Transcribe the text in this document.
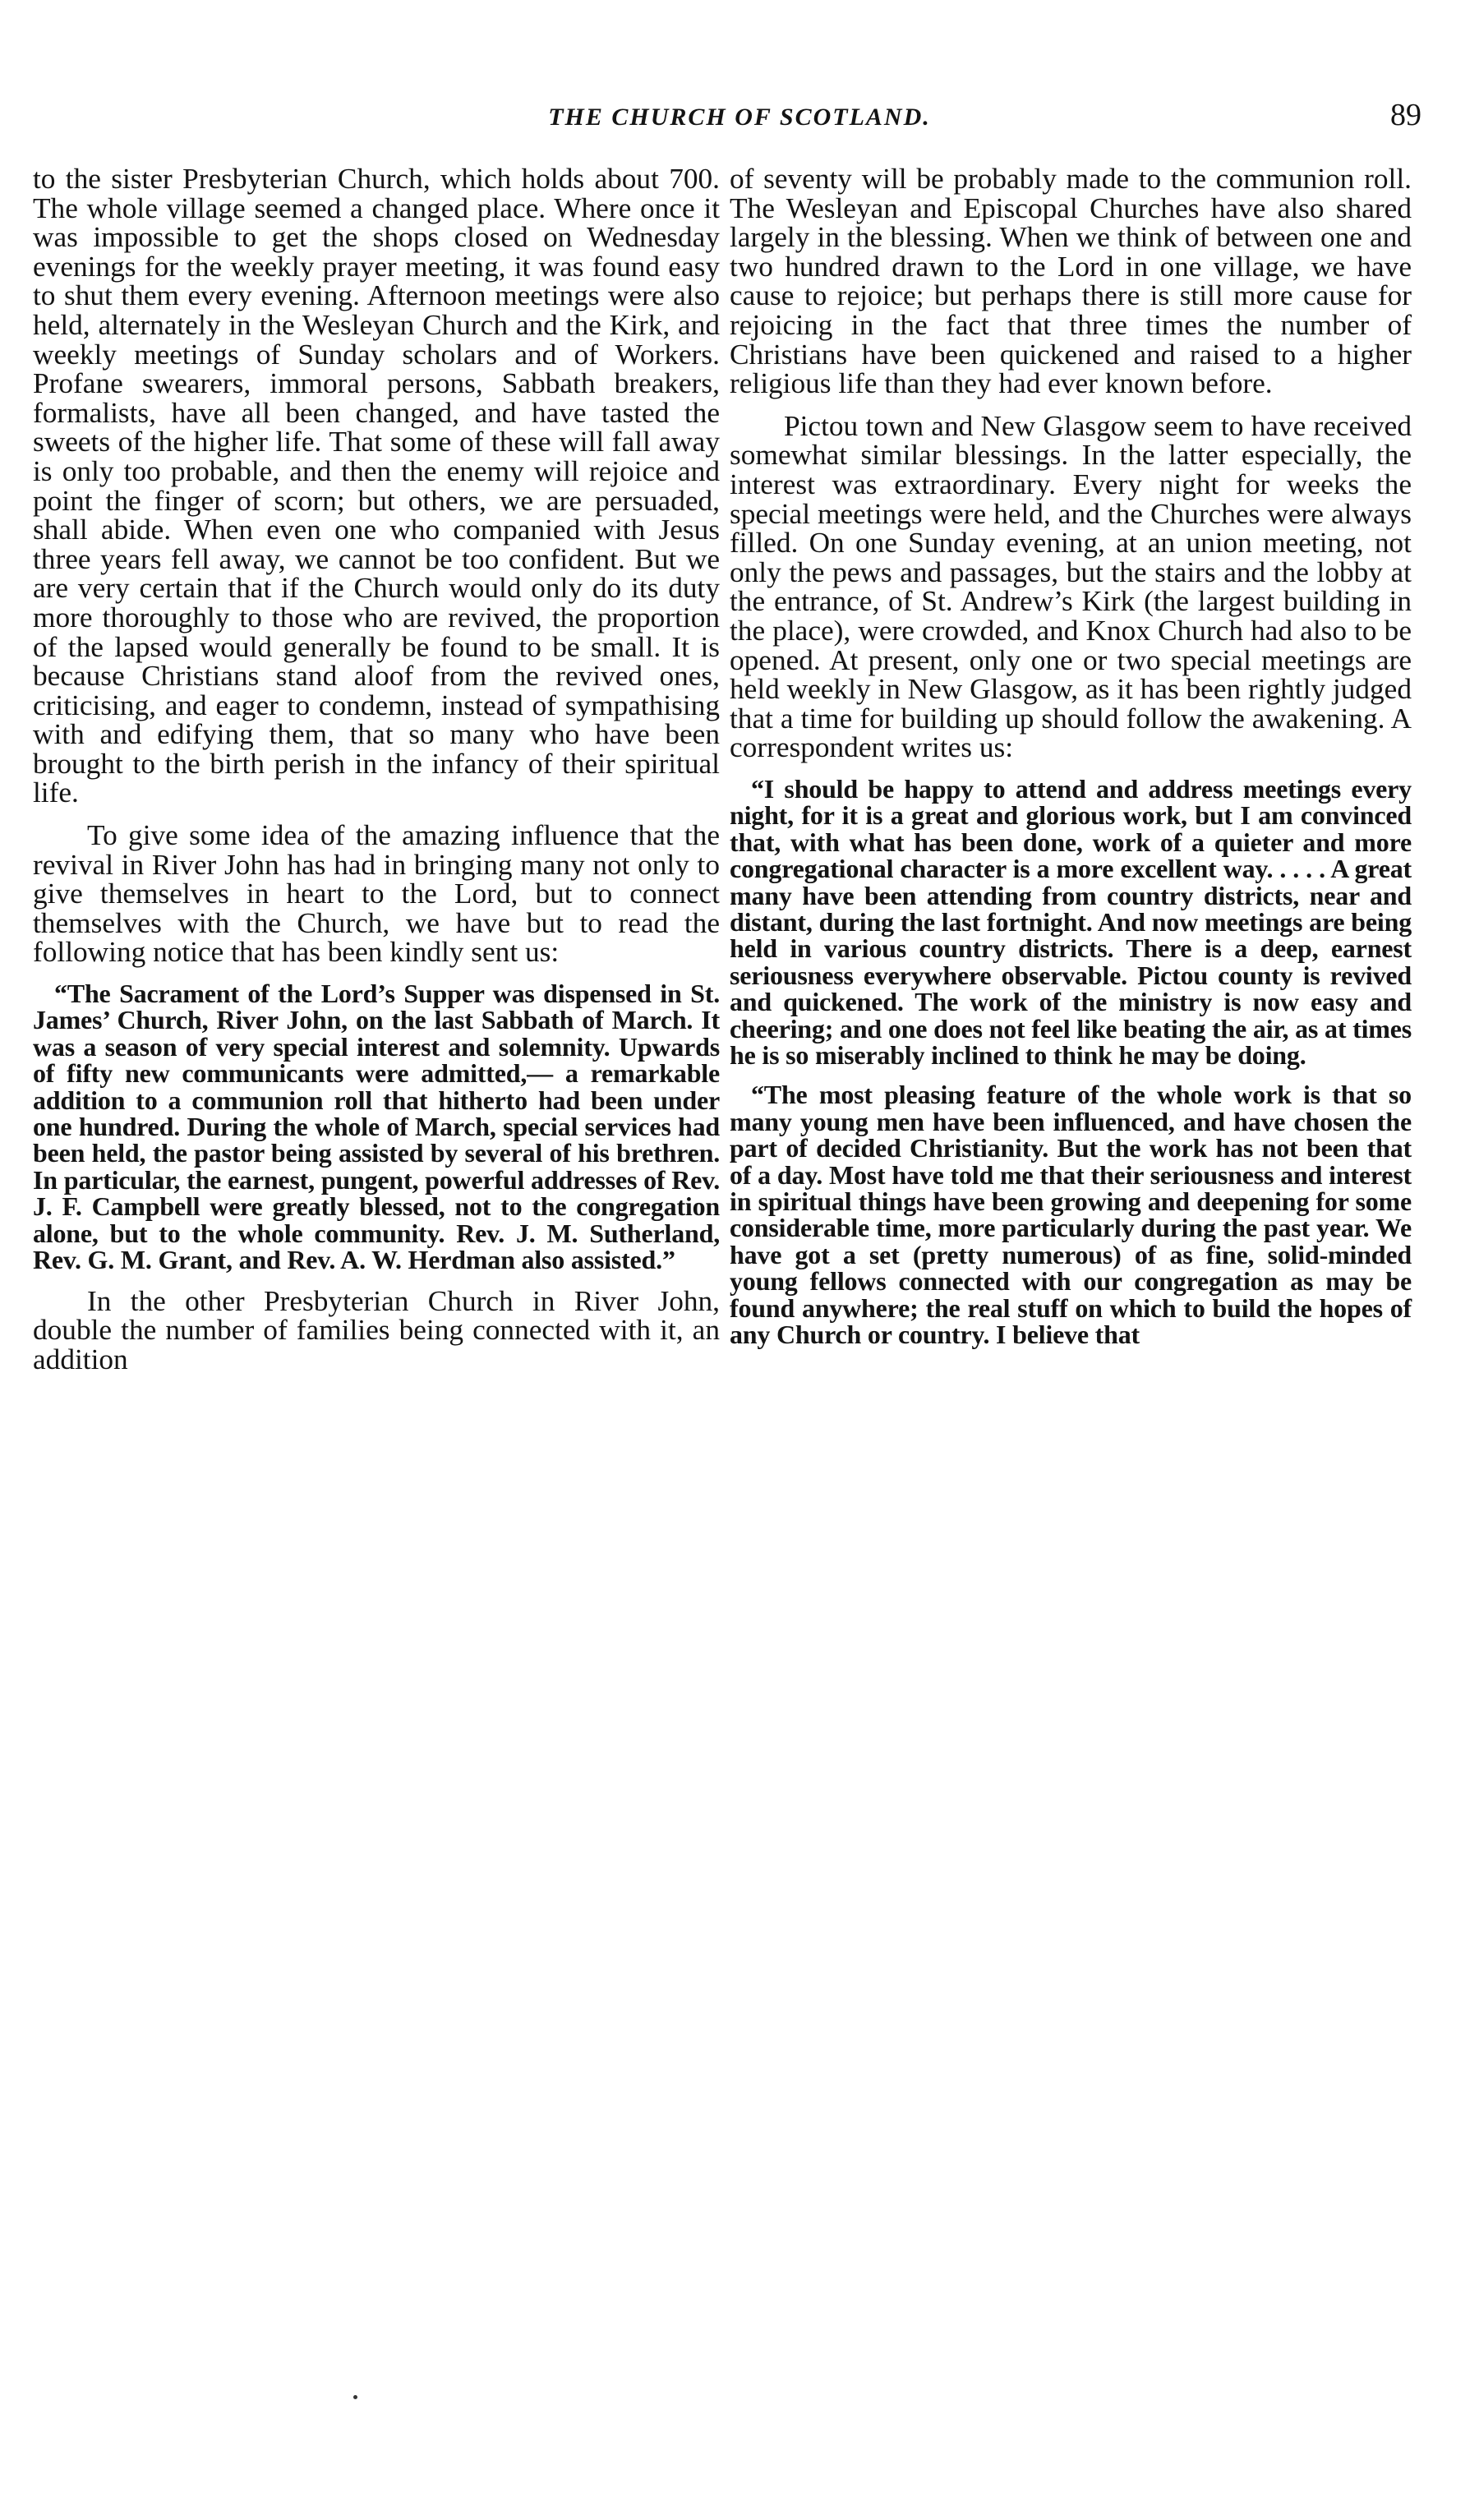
THE CHURCH OF SCOTLAND.	89

to the sister Presbyterian Church, which holds about 700. The whole village seemed a changed place. Where once it was impossible to get the shops closed on Wednesday evenings for the weekly prayer meeting, it was found easy to shut them every evening. Afternoon meetings were also held, alternately in the Wesleyan Church and the Kirk, and weekly meetings of Sunday scholars and of Workers. Profane swearers, immoral persons, Sabbath breakers, formalists, have all been changed, and have tasted the sweets of the higher life. That some of these will fall away is only too probable, and then the enemy will rejoice and point the finger of scorn; but others, we are persuaded, shall abide. When even one who companied with Jesus three years fell away, we cannot be too confident. But we are very certain that if the Church would only do its duty more thoroughly to those who are revived, the proportion of the lapsed would generally be found to be small. It is because Christians stand aloof from the revived ones, criticising, and eager to condemn, instead of sympathising with and edifying them, that so many who have been brought to the birth perish in the infancy of their spiritual life.

To give some idea of the amazing influence that the revival in River John has had in bringing many not only to give themselves in heart to the Lord, but to connect themselves with the Church, we have but to read the following notice that has been kindly sent us:

“The Sacrament of the Lord’s Supper was dispensed in St. James’ Church, River John, on the last Sabbath of March. It was a season of very special interest and solemnity. Upwards of fifty new communicants were admitted,— a remarkable addition to a communion roll that hitherto had been under one hundred. During the whole of March, special services had been held, the pastor being assisted by several of his brethren. In particular, the earnest, pungent, powerful addresses of Rev. J. F. Campbell were greatly blessed, not to the congregation alone, but to the whole community. Rev. J. M. Sutherland, Rev. G. M. Grant, and Rev. A. W. Herdman also assisted.”

In the other Presbyterian Church in River John, double the number of families being connected with it, an addition

of seventy will be probably made to the communion roll. The Wesleyan and Episcopal Churches have also shared largely in the blessing. When we think of between one and two hundred drawn to the Lord in one village, we have cause to rejoice; but perhaps there is still more cause for rejoicing in the fact that three times the number of Christians have been quickened and raised to a higher religious life than they had ever known before.

Pictou town and New Glasgow seem to have received somewhat similar blessings. In the latter especially, the interest was extraordinary. Every night for weeks the special meetings were held, and the Churches were always filled. On one Sunday evening, at an union meeting, not only the pews and passages, but the stairs and the lobby at the entrance, of St. Andrew’s Kirk (the largest building in the place), were crowded, and Knox Church had also to be opened. At present, only one or two special meetings are held weekly in New Glasgow, as it has been rightly judged that a time for building up should follow the awakening. A correspondent writes us:

“I should be happy to attend and address meetings every night, for it is a great and glorious work, but I am convinced that, with what has been done, work of a quieter and more congregational character is a more excellent way. . . . . A great many have been attending from country districts, near and distant, during the last fortnight. And now meetings are being held in various country districts. There is a deep, earnest seriousness everywhere observable. Pictou county is revived and quickened. The work of the ministry is now easy and cheering; and one does not feel like beating the air, as at times he is so miserably inclined to think he may be doing.

“The most pleasing feature of the whole work is that so many young men have been influenced, and have chosen the part of decided Christianity. But the work has not been that of a day. Most have told me that their seriousness and interest in spiritual things have been growing and deepening for some considerable time, more particularly during the past year. We have got a set (pretty numerous) of as fine, solid-minded young fellows connected with our congregation as may be found anywhere; the real stuff on which to build the hopes of any Church or country. I believe that
